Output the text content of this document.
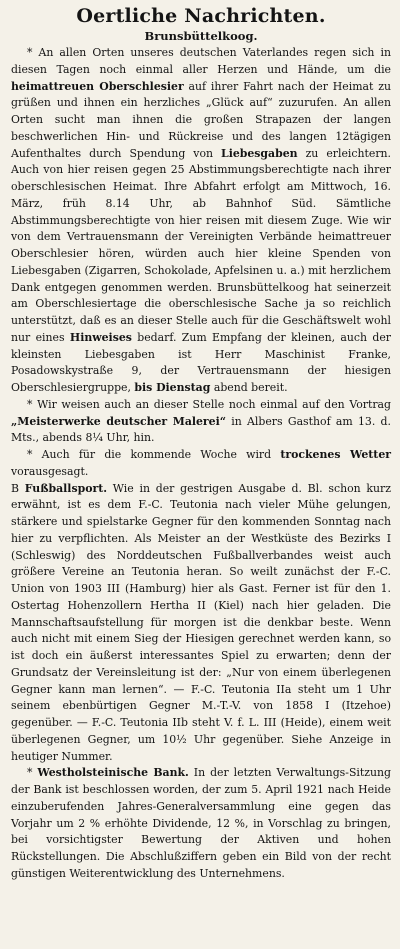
Oertliche Nachrichten.
Brunsbüttelkoog.

* An allen Orten unseres deutschen Vaterlandes regen sich in diesen Tagen noch einmal aller Herzen und Hände, um die heimattreuen Oberschlesier auf ihrer Fahrt nach der Heimat zu grüßen und ihnen ein herzliches „Glück auf“ zuzurufen. An allen Orten sucht man ihnen die großen Strapazen der langen beschwerlichen Hin- und Rückreise und des langen 12tägigen Aufenthaltes durch Spendung von Liebesgaben zu erleichtern. Auch von hier reisen gegen 25 Abstimmungsberechtigte nach ihrer oberschlesischen Heimat. Ihre Abfahrt erfolgt am Mittwoch, 16. März, früh 8.14 Uhr, ab Bahnhof Süd. Sämtliche Abstimmungsberechtigte von hier reisen mit diesem Zuge. Wie wir von dem Vertrauensmann der Vereinigten Verbände heimattreuer Oberschlesier hören, würden auch hier kleine Spenden von Liebesgaben (Zigarren, Schokolade, Apfelsinen u. a.) mit herzlichem Dank entgegen genommen werden. Brunsbüttelkoog hat seinerzeit am Oberschlesiertage die oberschlesische Sache ja so reichlich unterstützt, daß es an dieser Stelle auch für die Geschäftswelt wohl nur eines Hinweises bedarf. Zum Empfang der kleinen, auch der kleinsten Liebesgaben ist Herr Maschinist Franke, Posadowskystraße 9, der Vertrauensmann der hiesigen Oberschlesiergruppe, bis Dienstag abend bereit.

* Wir weisen auch an dieser Stelle noch einmal auf den Vortrag „Meisterwerke deutscher Malerei“ in Albers Gasthof am 13. d. Mts., abends 8¼ Uhr, hin.

* Auch für die kommende Woche wird trockenes Wetter vorausgesagt.

B Fußballsport. Wie in der gestrigen Ausgabe d. Bl. schon kurz erwähnt, ist es dem F.-C. Teutonia nach vieler Mühe gelungen, stärkere und spielstarke Gegner für den kommenden Sonntag nach hier zu verpflichten. Als Meister an der Westküste des Bezirks I (Schleswig) des Norddeutschen Fußballverbandes weist auch größere Vereine an Teutonia heran. So weilt zunächst der F.-C. Union von 1903 III (Hamburg) hier als Gast. Ferner ist für den 1. Ostertag Hohenzollern Hertha II (Kiel) nach hier geladen. Die Mannschaftsaufstellung für morgen ist die denkbar beste. Wenn auch nicht mit einem Sieg der Hiesigen gerechnet werden kann, so ist doch ein äußerst interessantes Spiel zu erwarten; denn der Grundsatz der Vereinsleitung ist der: „Nur von einem überlegenen Gegner kann man lernen“. — F.-C. Teutonia IIa steht um 1 Uhr seinem ebenbürtigen Gegner M.-T.-V. von 1858 I (Itzehoe) gegenüber. — F.-C. Teutonia IIb steht V. f. L. III (Heide), einem weit überlegenen Gegner, um 10½ Uhr gegenüber. Siehe Anzeige in heutiger Nummer.

* Westholsteinische Bank. In der letzten Verwaltungs-Sitzung der Bank ist beschlossen worden, der zum 5. April 1921 nach Heide einzuberufenden Jahres-Generalversammlung eine gegen das Vorjahr um 2 % erhöhte Dividende, 12 %, in Vorschlag zu bringen, bei vorsichtigster Bewertung der Aktiven und hohen Rückstellungen. Die Abschlußziffern geben ein Bild von der recht günstigen Weiterentwicklung des Unternehmens.
